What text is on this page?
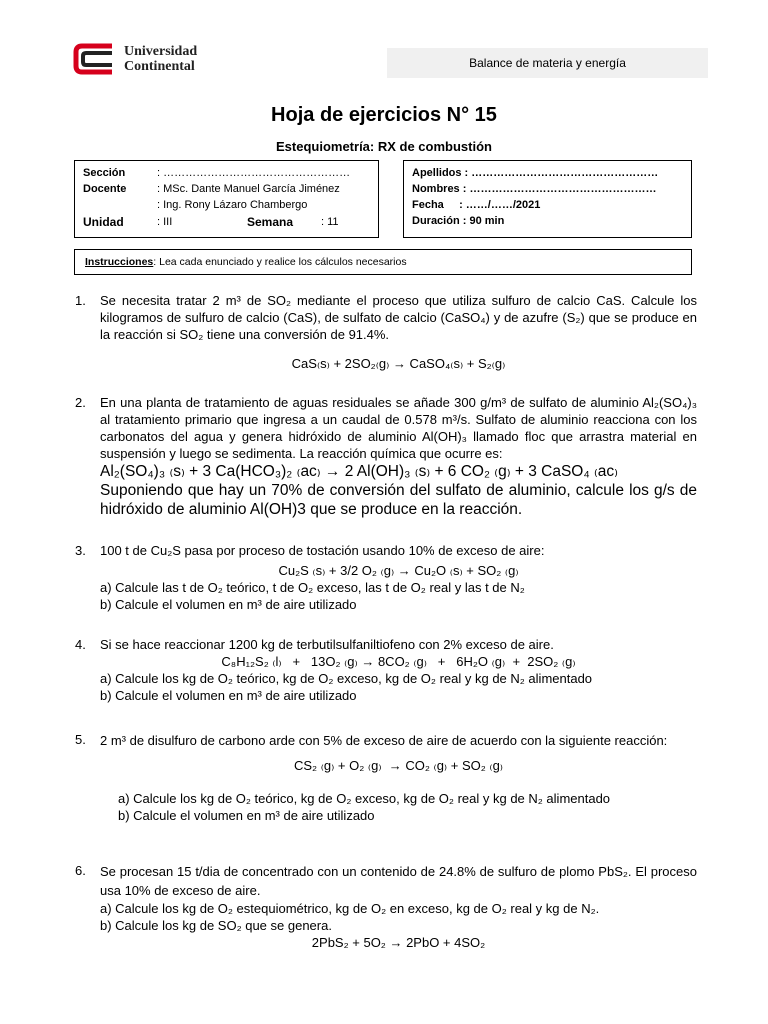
Universidad
Continental	Balance de materia y energía
Hoja de ejercicios N° 15
Estequiometría: RX de combustión
Sección	: ……………………………………………
Docente	: MSc. Dante Manuel García Jiménez
: Ing. Rony Lázaro Chambergo
Unidad	: III	Semana	: 11
Apellidos : ……………………………………………
Nombres : ……………………………………………
Fecha     : ……/……/2021
Duración : 90 min
Instrucciones : Lea cada enunciado y realice los cálculos necesarios
1. Se necesita tratar 2 m³ de SO₂ mediante el proceso que utiliza sulfuro de calcio CaS. Calcule los kilogramos de sulfuro de calcio (CaS), de sulfato de calcio (CaSO₄) y de azufre (S₂) que se produce en la reacción si SO₂ tiene una conversión de 91.4%.
CaS₍s₎ + 2SO₂₍g₎ → CaSO₄₍s₎ + S₂₍g₎
2. En una planta de tratamiento de aguas residuales se añade 300 g/m³ de sulfato de aluminio Al₂(SO₄)₃ al tratamiento primario que ingresa a un caudal de 0.578 m³/s. Sulfato de aluminio reacciona con los carbonatos del agua y genera hidróxido de aluminio Al(OH)₃ llamado floc que arrastra material en suspensión y luego se sedimenta. La reacción química que ocurre es:
Al₂(SO₄)₃ ₍s₎ + 3 Ca(HCO₃)₂ ₍ac₎ → 2 Al(OH)₃ ₍s₎ + 6 CO₂ ₍g₎ + 3 CaSO₄ ₍ac₎
Suponiendo que hay un 70% de conversión del sulfato de aluminio, calcule los g/s de hidróxido de aluminio Al(OH)3 que se produce en la reacción.
3. 100 t de Cu₂S pasa por proceso de tostación usando 10% de exceso de aire:
Cu₂S ₍s₎ + 3/2 O₂ ₍g₎ → Cu₂O ₍s₎ + SO₂ ₍g₎
a) Calcule las t de O₂ teórico, t de O₂ exceso, las t de O₂ real y las t de N₂
b) Calcule el volumen en m³ de aire utilizado
4. Si se hace reaccionar 1200 kg de terbutilsulfaniltiofeno con 2% exceso de aire.
C₈H₁₂S₂ ₍l₎   +   13O₂ ₍g₎ → 8CO₂ ₍g₎   +   6H₂O ₍g₎  +  2SO₂ ₍g₎
a) Calcule los kg de O₂ teórico, kg de O₂ exceso, kg de O₂ real y kg de N₂ alimentado
b) Calcule el volumen en m³ de aire utilizado
5. 2 m³ de disulfuro de carbono arde con 5% de exceso de aire de acuerdo con la siguiente reacción:
CS₂ ₍g₎ + O₂ ₍g₎  → CO₂ ₍g₎ + SO₂ ₍g₎
a) Calcule los kg de O₂ teórico, kg de O₂ exceso, kg de O₂ real y kg de N₂ alimentado
b) Calcule el volumen en m³ de aire utilizado
6. Se procesan 15 t/dia de concentrado con un contenido de 24.8% de sulfuro de plomo PbS₂. El proceso usa 10% de exceso de aire.
a) Calcule los kg de O₂ estequiométrico, kg de O₂ en exceso, kg de O₂ real y kg de N₂.
b) Calcule los kg de SO₂ que se genera.
2PbS₂ + 5O₂ → 2PbO + 4SO₂
